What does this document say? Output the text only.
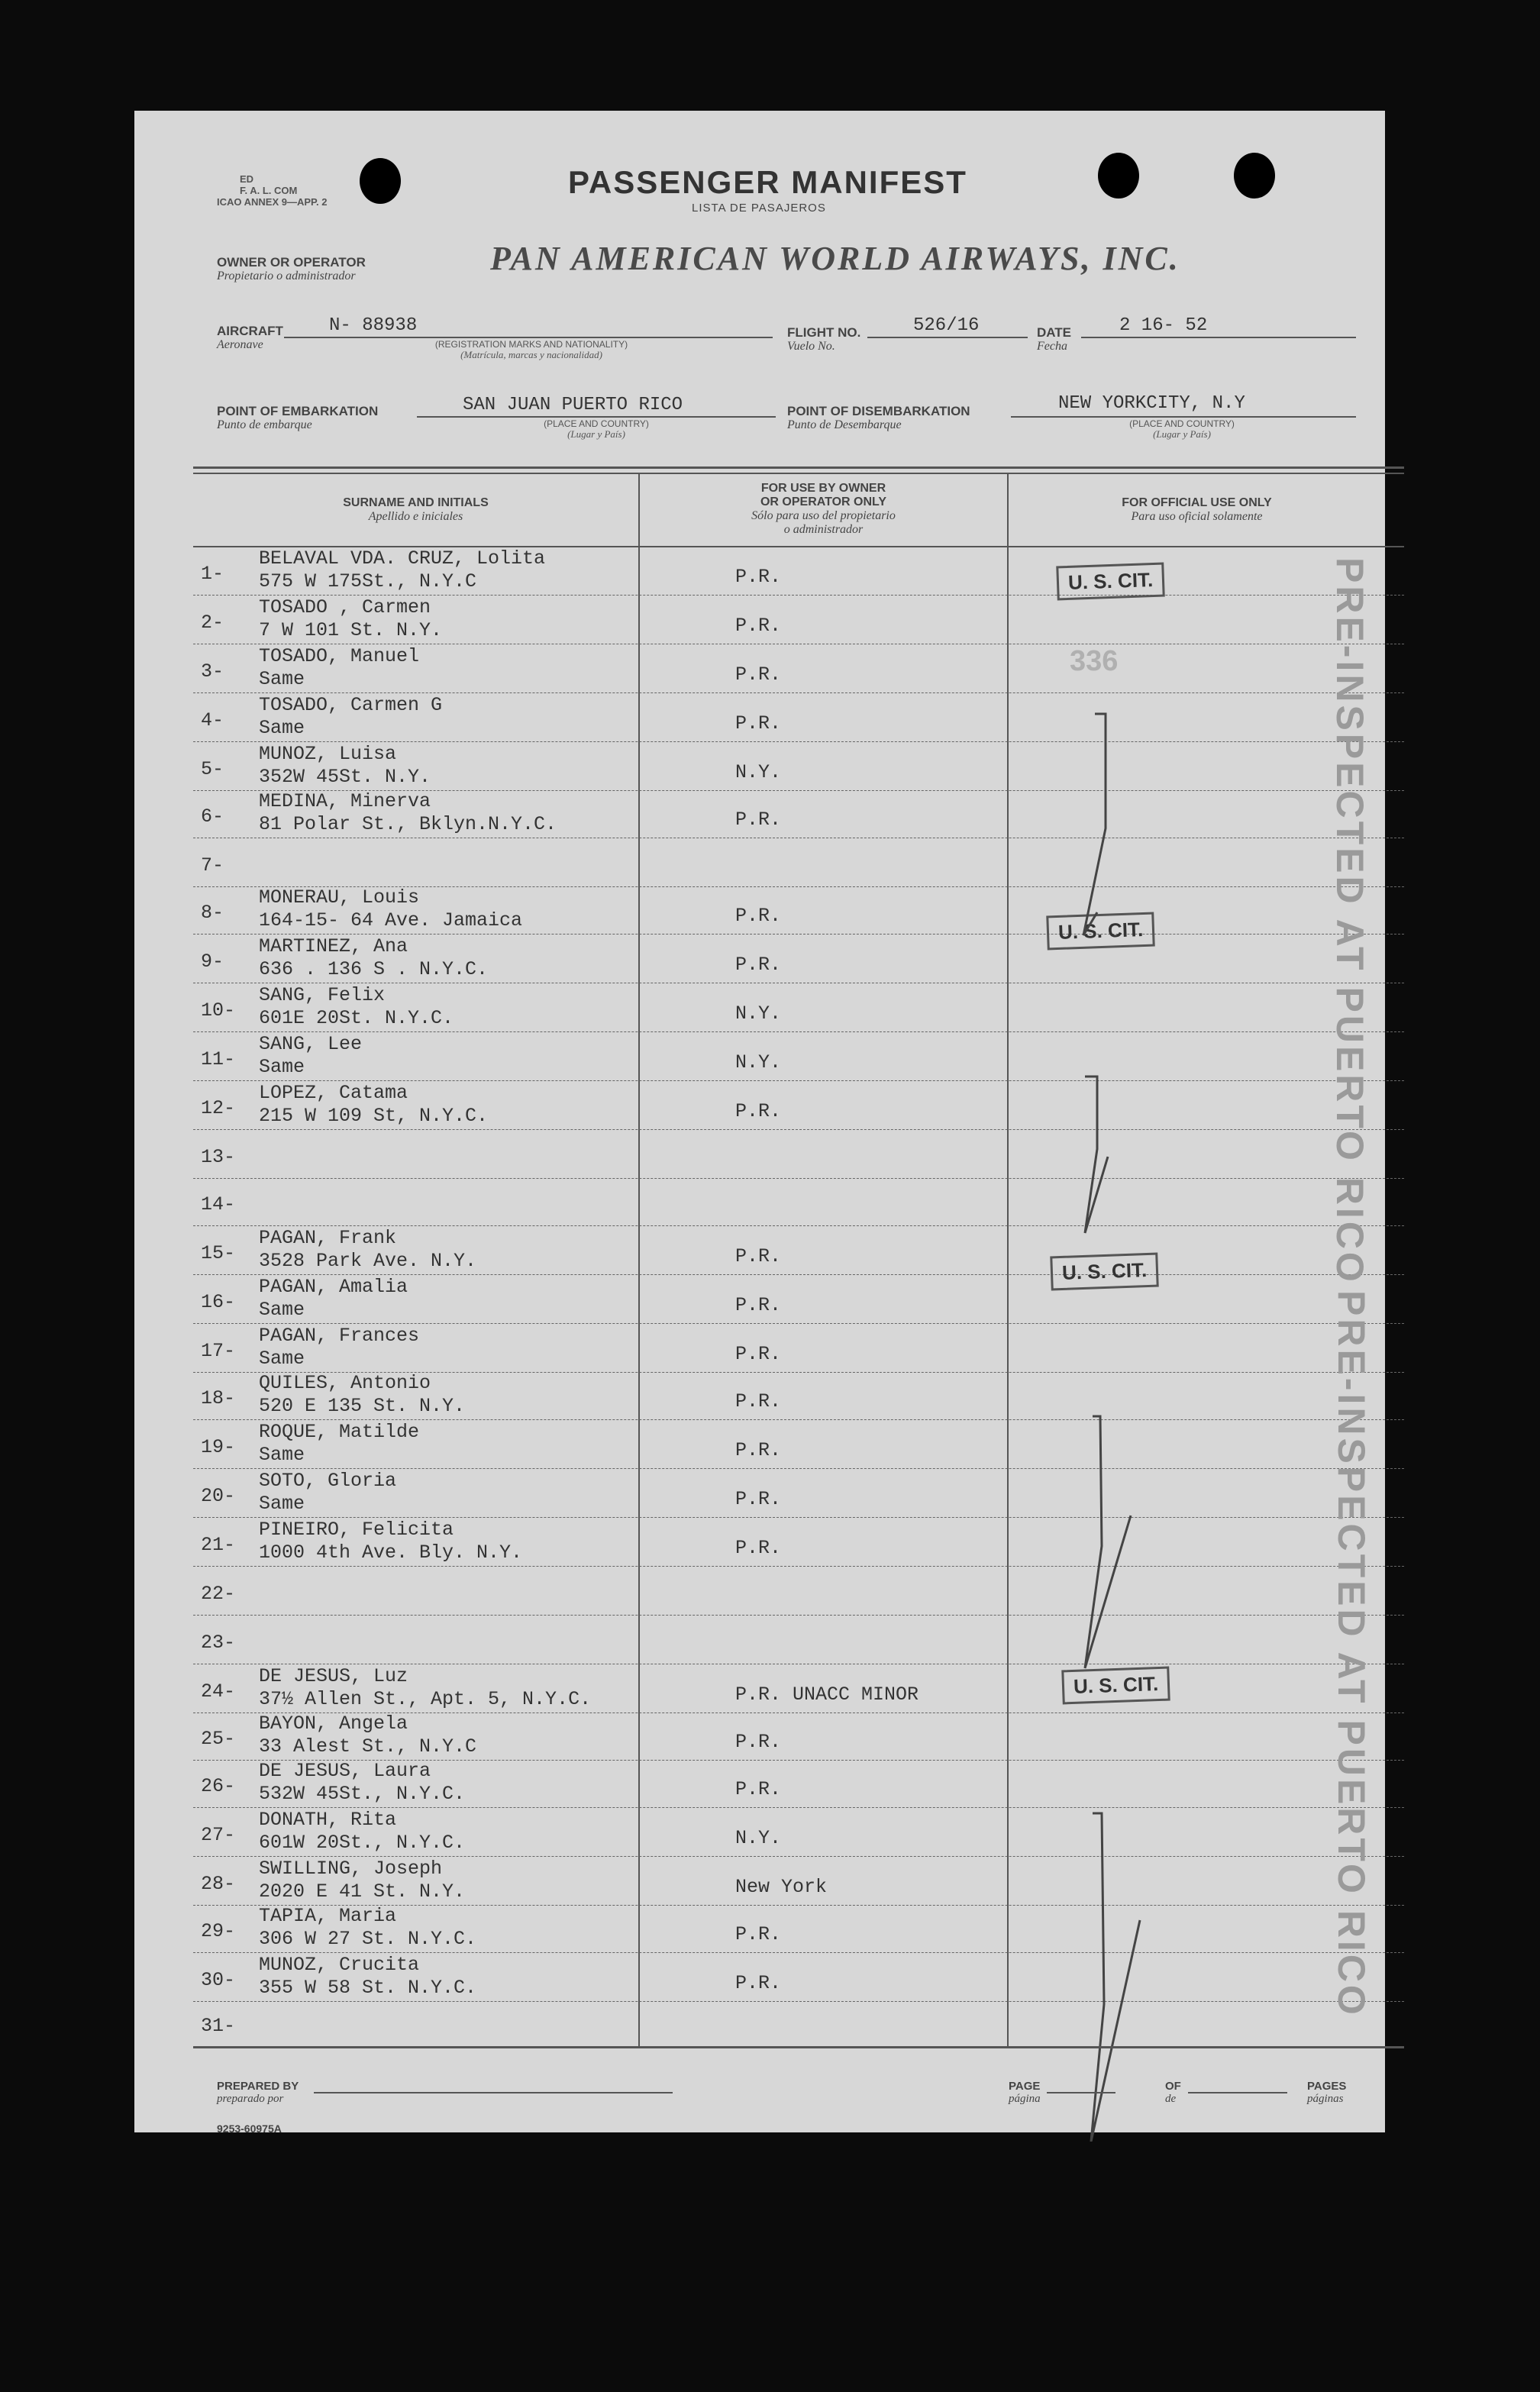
ED
F. A. L. COM
ICAO ANNEX 9—APP. 2
PASSENGER MANIFEST
LISTA DE PASAJEROS
OWNER OR OPERATOR
Propietario o administrador	PAN AMERICAN WORLD AIRWAYS, INC.
AIRCRAFT
Aeronave
N- 88938
(REGISTRATION MARKS AND NATIONALITY)
(Matrícula, marcas y nacionalidad)
FLIGHT NO.
Vuelo No.
526/16	DATE
Fecha
2 16- 52
POINT OF EMBARKATION
Punto de embarque
SAN JUAN PUERTO RICO
(PLACE AND COUNTRY)
(Lugar y País)
POINT OF DISEMBARKATION
Punto de Desembarque
NEW YORKCITY, N.Y
(PLACE AND COUNTRY)
(Lugar y País)
SURNAME AND INITIALS
Apellido e iniciales
FOR USE BY OWNER
OR OPERATOR ONLY
Sólo para uso del propietario
o administrador
FOR OFFICIAL USE ONLY
Para uso oficial solamente
1-
BELAVAL VDA. CRUZ, Lolita
575 W 175St., N.Y.C	P.R.
2-
TOSADO , Carmen
7 W 101 St. N.Y.	P.R.
3-
TOSADO, Manuel
Same	P.R.
4-
TOSADO, Carmen G
Same	P.R.
5-
MUNOZ, Luisa
352W 45St. N.Y.	N.Y.
6-
MEDINA, Minerva
81 Polar St., Bklyn.N.Y.C.	P.R.
7-
8-
MONERAU, Louis
164-15- 64 Ave. Jamaica	P.R.
9-
MARTINEZ, Ana
636 . 136 S . N.Y.C.	P.R.
10-
SANG, Felix
601E 20St. N.Y.C.	N.Y.
11-
SANG, Lee
Same	N.Y.
12-
LOPEZ, Catama
215 W 109 St, N.Y.C.	P.R.
13-
14-
15-
PAGAN, Frank
3528 Park Ave. N.Y.	P.R.
16-
PAGAN, Amalia
Same	P.R.
17-
PAGAN, Frances
Same	P.R.
18-
QUILES, Antonio
520 E 135 St. N.Y.	P.R.
19-
ROQUE, Matilde
Same	P.R.
20-
SOTO, Gloria
Same	P.R.
21-
PINEIRO, Felicita
1000 4th Ave. Bly. N.Y.	P.R.
22-
23-
24-
DE JESUS, Luz
37½ Allen St., Apt. 5, N.Y.C.	P.R. UNACC MINOR
25-
BAYON, Angela
33 Alest St., N.Y.C	P.R.
26-
DE JESUS, Laura
532W 45St., N.Y.C.	P.R.
27-
DONATH, Rita
601W 20St., N.Y.C.	N.Y.
28-
SWILLING, Joseph
2020 E 41 St. N.Y.	New York
29-
TAPIA, Maria
306 W 27 St. N.Y.C.	P.R.
30-
MUNOZ, Crucita
355 W 58 St. N.Y.C.	P.R.
31-
U. S. CIT.
U. S. CIT.
U. S. CIT.
U. S. CIT.
336	PRE-INSPECTED AT PUERTO RICO
PRE-INSPECTED AT PUERTO RICO
PREPARED BY
preparado por
PAGE
página
OF
de
PAGES
páginas
9253-60975A
